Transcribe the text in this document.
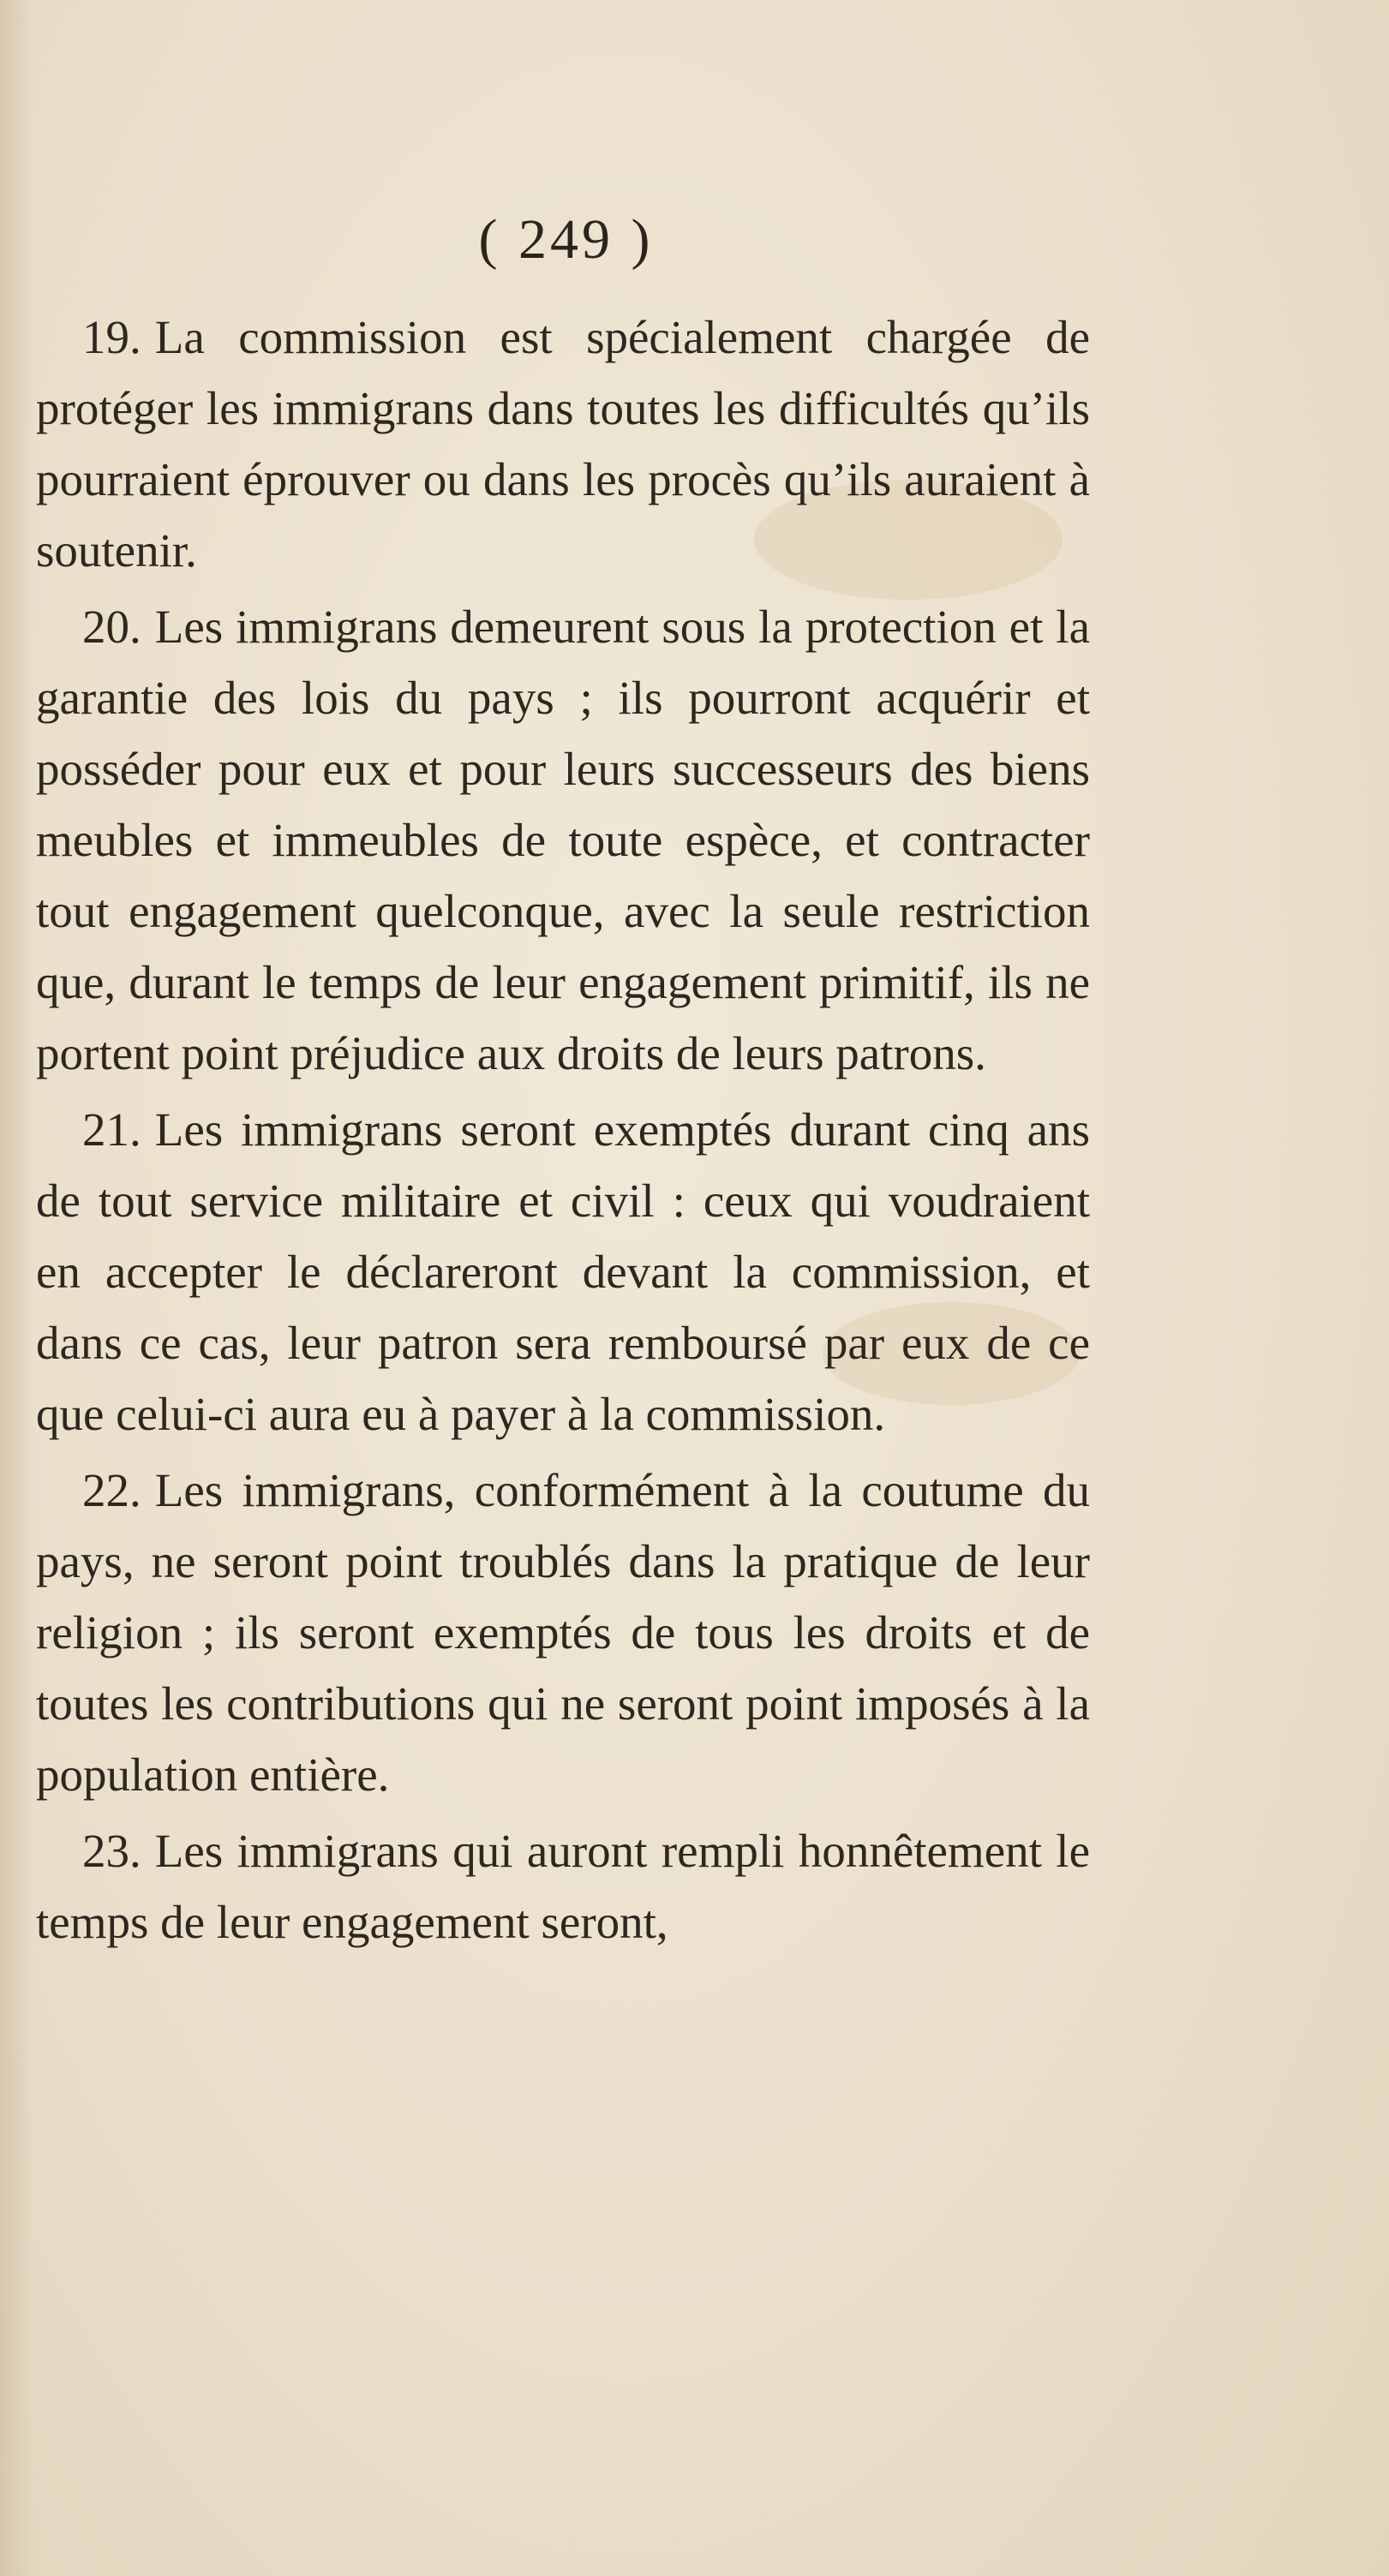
( 249 )

19. La commission est spécialement chargée de protéger les immigrans dans toutes les difficultés qu’ils pourraient éprouver ou dans les procès qu’ils auraient à soutenir.

20. Les immigrans demeurent sous la protection et la garantie des lois du pays ; ils pourront acquérir et posséder pour eux et pour leurs successeurs des biens meubles et immeubles de toute espèce, et contracter tout engagement quelconque, avec la seule restriction que, durant le temps de leur engagement primitif, ils ne portent point préjudice aux droits de leurs patrons.

21. Les immigrans seront exemptés durant cinq ans de tout service militaire et civil : ceux qui voudraient en accepter le déclareront devant la commission, et dans ce cas, leur patron sera remboursé par eux de ce que celui-ci aura eu à payer à la commission.

22. Les immigrans, conformément à la coutume du pays, ne seront point troublés dans la pratique de leur religion ; ils seront exemptés de tous les droits et de toutes les contributions qui ne seront point imposés à la population entière.

23. Les immigrans qui auront rempli honnêtement le temps de leur engagement seront,
